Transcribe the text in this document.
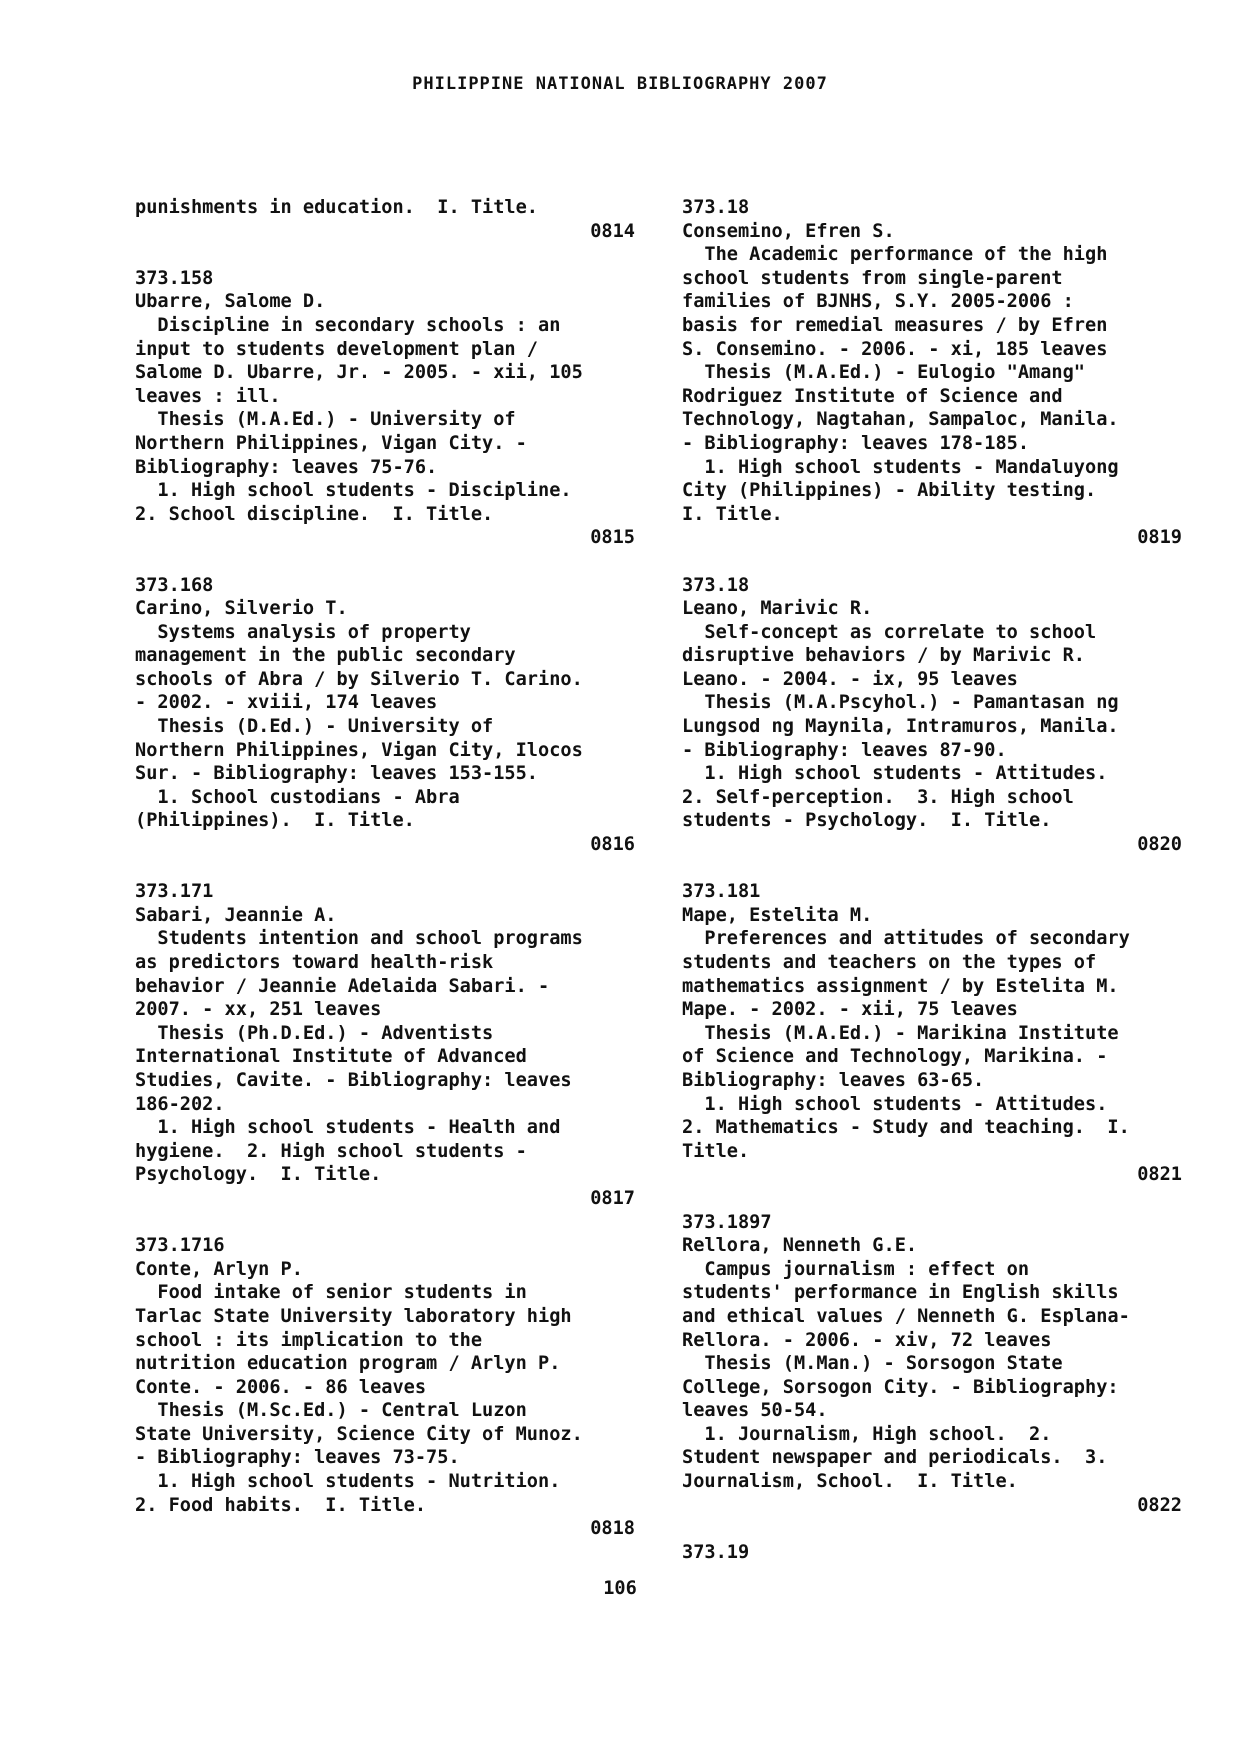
PHILIPPINE NATIONAL BIBLIOGRAPHY 2007
punishments in education.  I. Title.
0814
373.158
Ubarre, Salome D.
Discipline in secondary schools : an
input to students development plan /
Salome D. Ubarre, Jr. - 2005. - xii, 105
leaves : ill.
Thesis (M.A.Ed.) - University of
Northern Philippines, Vigan City. -
Bibliography: leaves 75-76.
1. High school students - Discipline.
2. School discipline.  I. Title.
0815
373.168
Carino, Silverio T.
Systems analysis of property
management in the public secondary
schools of Abra / by Silverio T. Carino.
- 2002. - xviii, 174 leaves
Thesis (D.Ed.) - University of
Northern Philippines, Vigan City, Ilocos
Sur. - Bibliography: leaves 153-155.
1. School custodians - Abra
(Philippines).  I. Title.
0816
373.171
Sabari, Jeannie A.
Students intention and school programs
as predictors toward health-risk
behavior / Jeannie Adelaida Sabari. -
2007. - xx, 251 leaves
Thesis (Ph.D.Ed.) - Adventists
International Institute of Advanced
Studies, Cavite. - Bibliography: leaves
186-202.
1. High school students - Health and
hygiene.  2. High school students -
Psychology.  I. Title.
0817
373.1716
Conte, Arlyn P.
Food intake of senior students in
Tarlac State University laboratory high
school : its implication to the
nutrition education program / Arlyn P.
Conte. - 2006. - 86 leaves
Thesis (M.Sc.Ed.) - Central Luzon
State University, Science City of Munoz.
- Bibliography: leaves 73-75.
1. High school students - Nutrition.
2. Food habits.  I. Title.
0818
373.18
Consemino, Efren S.
The Academic performance of the high
school students from single-parent
families of BJNHS, S.Y. 2005-2006 :
basis for remedial measures / by Efren
S. Consemino. - 2006. - xi, 185 leaves
Thesis (M.A.Ed.) - Eulogio "Amang"
Rodriguez Institute of Science and
Technology, Nagtahan, Sampaloc, Manila.
- Bibliography: leaves 178-185.
1. High school students - Mandaluyong
City (Philippines) - Ability testing.
I. Title.
0819
373.18
Leano, Marivic R.
Self-concept as correlate to school
disruptive behaviors / by Marivic R.
Leano. - 2004. - ix, 95 leaves
Thesis (M.A.Pscyhol.) - Pamantasan ng
Lungsod ng Maynila, Intramuros, Manila.
- Bibliography: leaves 87-90.
1. High school students - Attitudes.
2. Self-perception.  3. High school
students - Psychology.  I. Title.
0820
373.181
Mape, Estelita M.
Preferences and attitudes of secondary
students and teachers on the types of
mathematics assignment / by Estelita M.
Mape. - 2002. - xii, 75 leaves
Thesis (M.A.Ed.) - Marikina Institute
of Science and Technology, Marikina. -
Bibliography: leaves 63-65.
1. High school students - Attitudes.
2. Mathematics - Study and teaching.  I.
Title.
0821
373.1897
Rellora, Nenneth G.E.
Campus journalism : effect on
students' performance in English skills
and ethical values / Nenneth G. Esplana-
Rellora. - 2006. - xiv, 72 leaves
Thesis (M.Man.) - Sorsogon State
College, Sorsogon City. - Bibliography:
leaves 50-54.
1. Journalism, High school.  2.
Student newspaper and periodicals.  3.
Journalism, School.  I. Title.
0822
373.19
106
